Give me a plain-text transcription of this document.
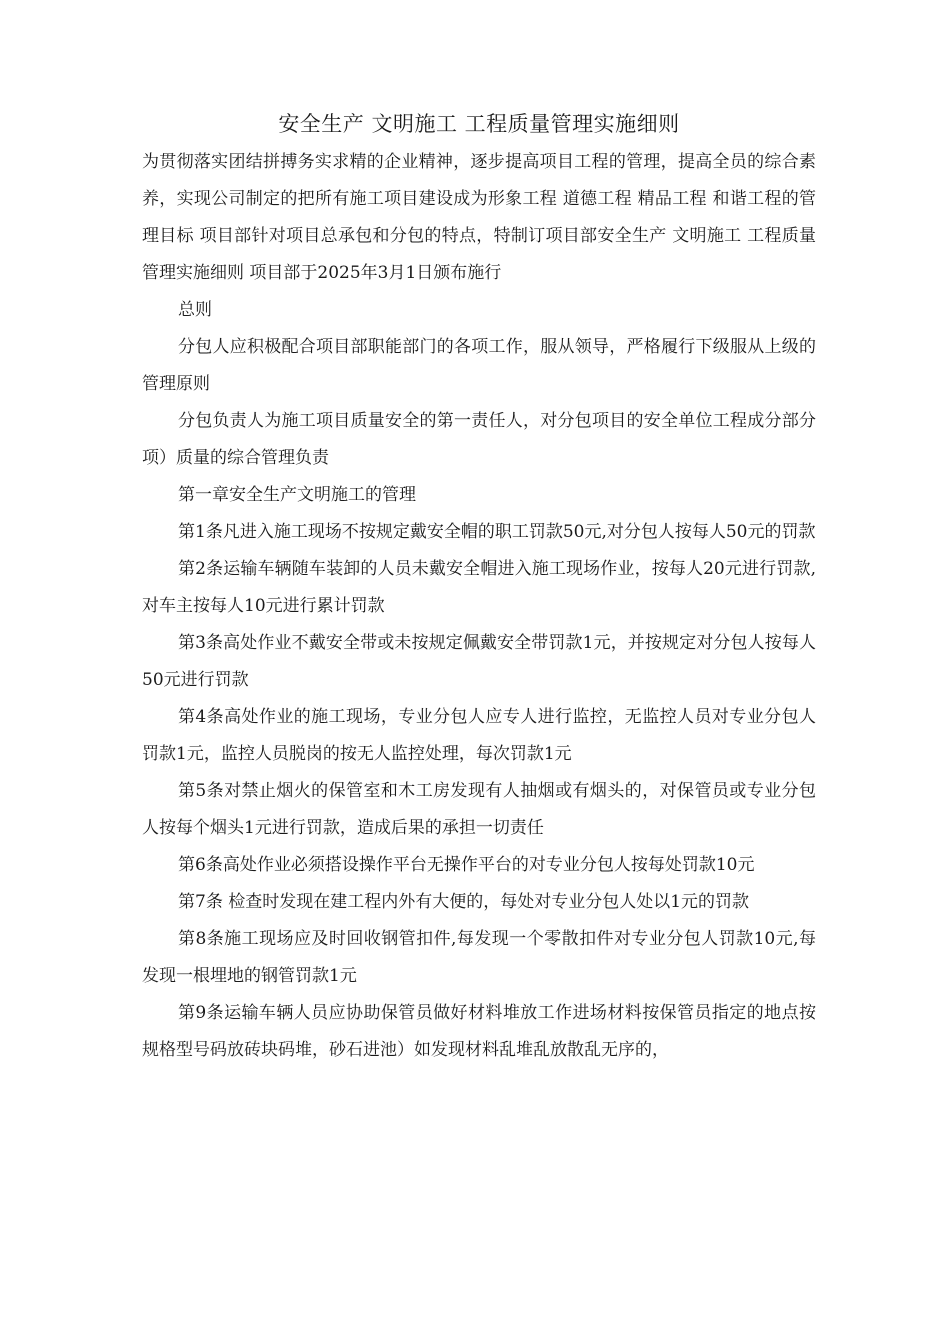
安全生产 文明施工 工程质量管理实施细则

为贯彻落实团结拼搏务实求精的企业精神，逐步提高项目工程的管理，提高全员的综合素养，实现公司制定的把所有施工项目建设成为形象工程 道德工程 精品工程 和谐工程的管理目标 项目部针对项目总承包和分包的特点，特制订项目部安全生产 文明施工 工程质量管理实施细则 项目部于2025年3月1日颁布施行

总则

分包人应积极配合项目部职能部门的各项工作，服从领导，严格履行下级服从上级的管理原则

分包负责人为施工项目质量安全的第一责任人，对分包项目的安全单位工程成分部分项）质量的综合管理负责

第一章安全生产文明施工的管理

第1条凡进入施工现场不按规定戴安全帽的职工罚款50元,对分包人按每人50元的罚款

第2条运输车辆随车装卸的人员未戴安全帽进入施工现场作业，按每人20元进行罚款,对车主按每人10元进行累计罚款

第3条高处作业不戴安全带或未按规定佩戴安全带罚款1元，并按规定对分包人按每人50元进行罚款

第4条高处作业的施工现场，专业分包人应专人进行监控，无监控人员对专业分包人罚款1元，监控人员脱岗的按无人监控处理，每次罚款1元

第5条对禁止烟火的保管室和木工房发现有人抽烟或有烟头的，对保管员或专业分包人按每个烟头1元进行罚款，造成后果的承担一切责任

第6条高处作业必须搭设操作平台无操作平台的对专业分包人按每处罚款10元

第7条 检查时发现在建工程内外有大便的，每处对专业分包人处以1元的罚款

第8条施工现场应及时回收钢管扣件,每发现一个零散扣件对专业分包人罚款10元,每发现一根埋地的钢管罚款1元

第9条运输车辆人员应协助保管员做好材料堆放工作进场材料按保管员指定的地点按规格型号码放砖块码堆，砂石进池）如发现材料乱堆乱放散乱无序的，
